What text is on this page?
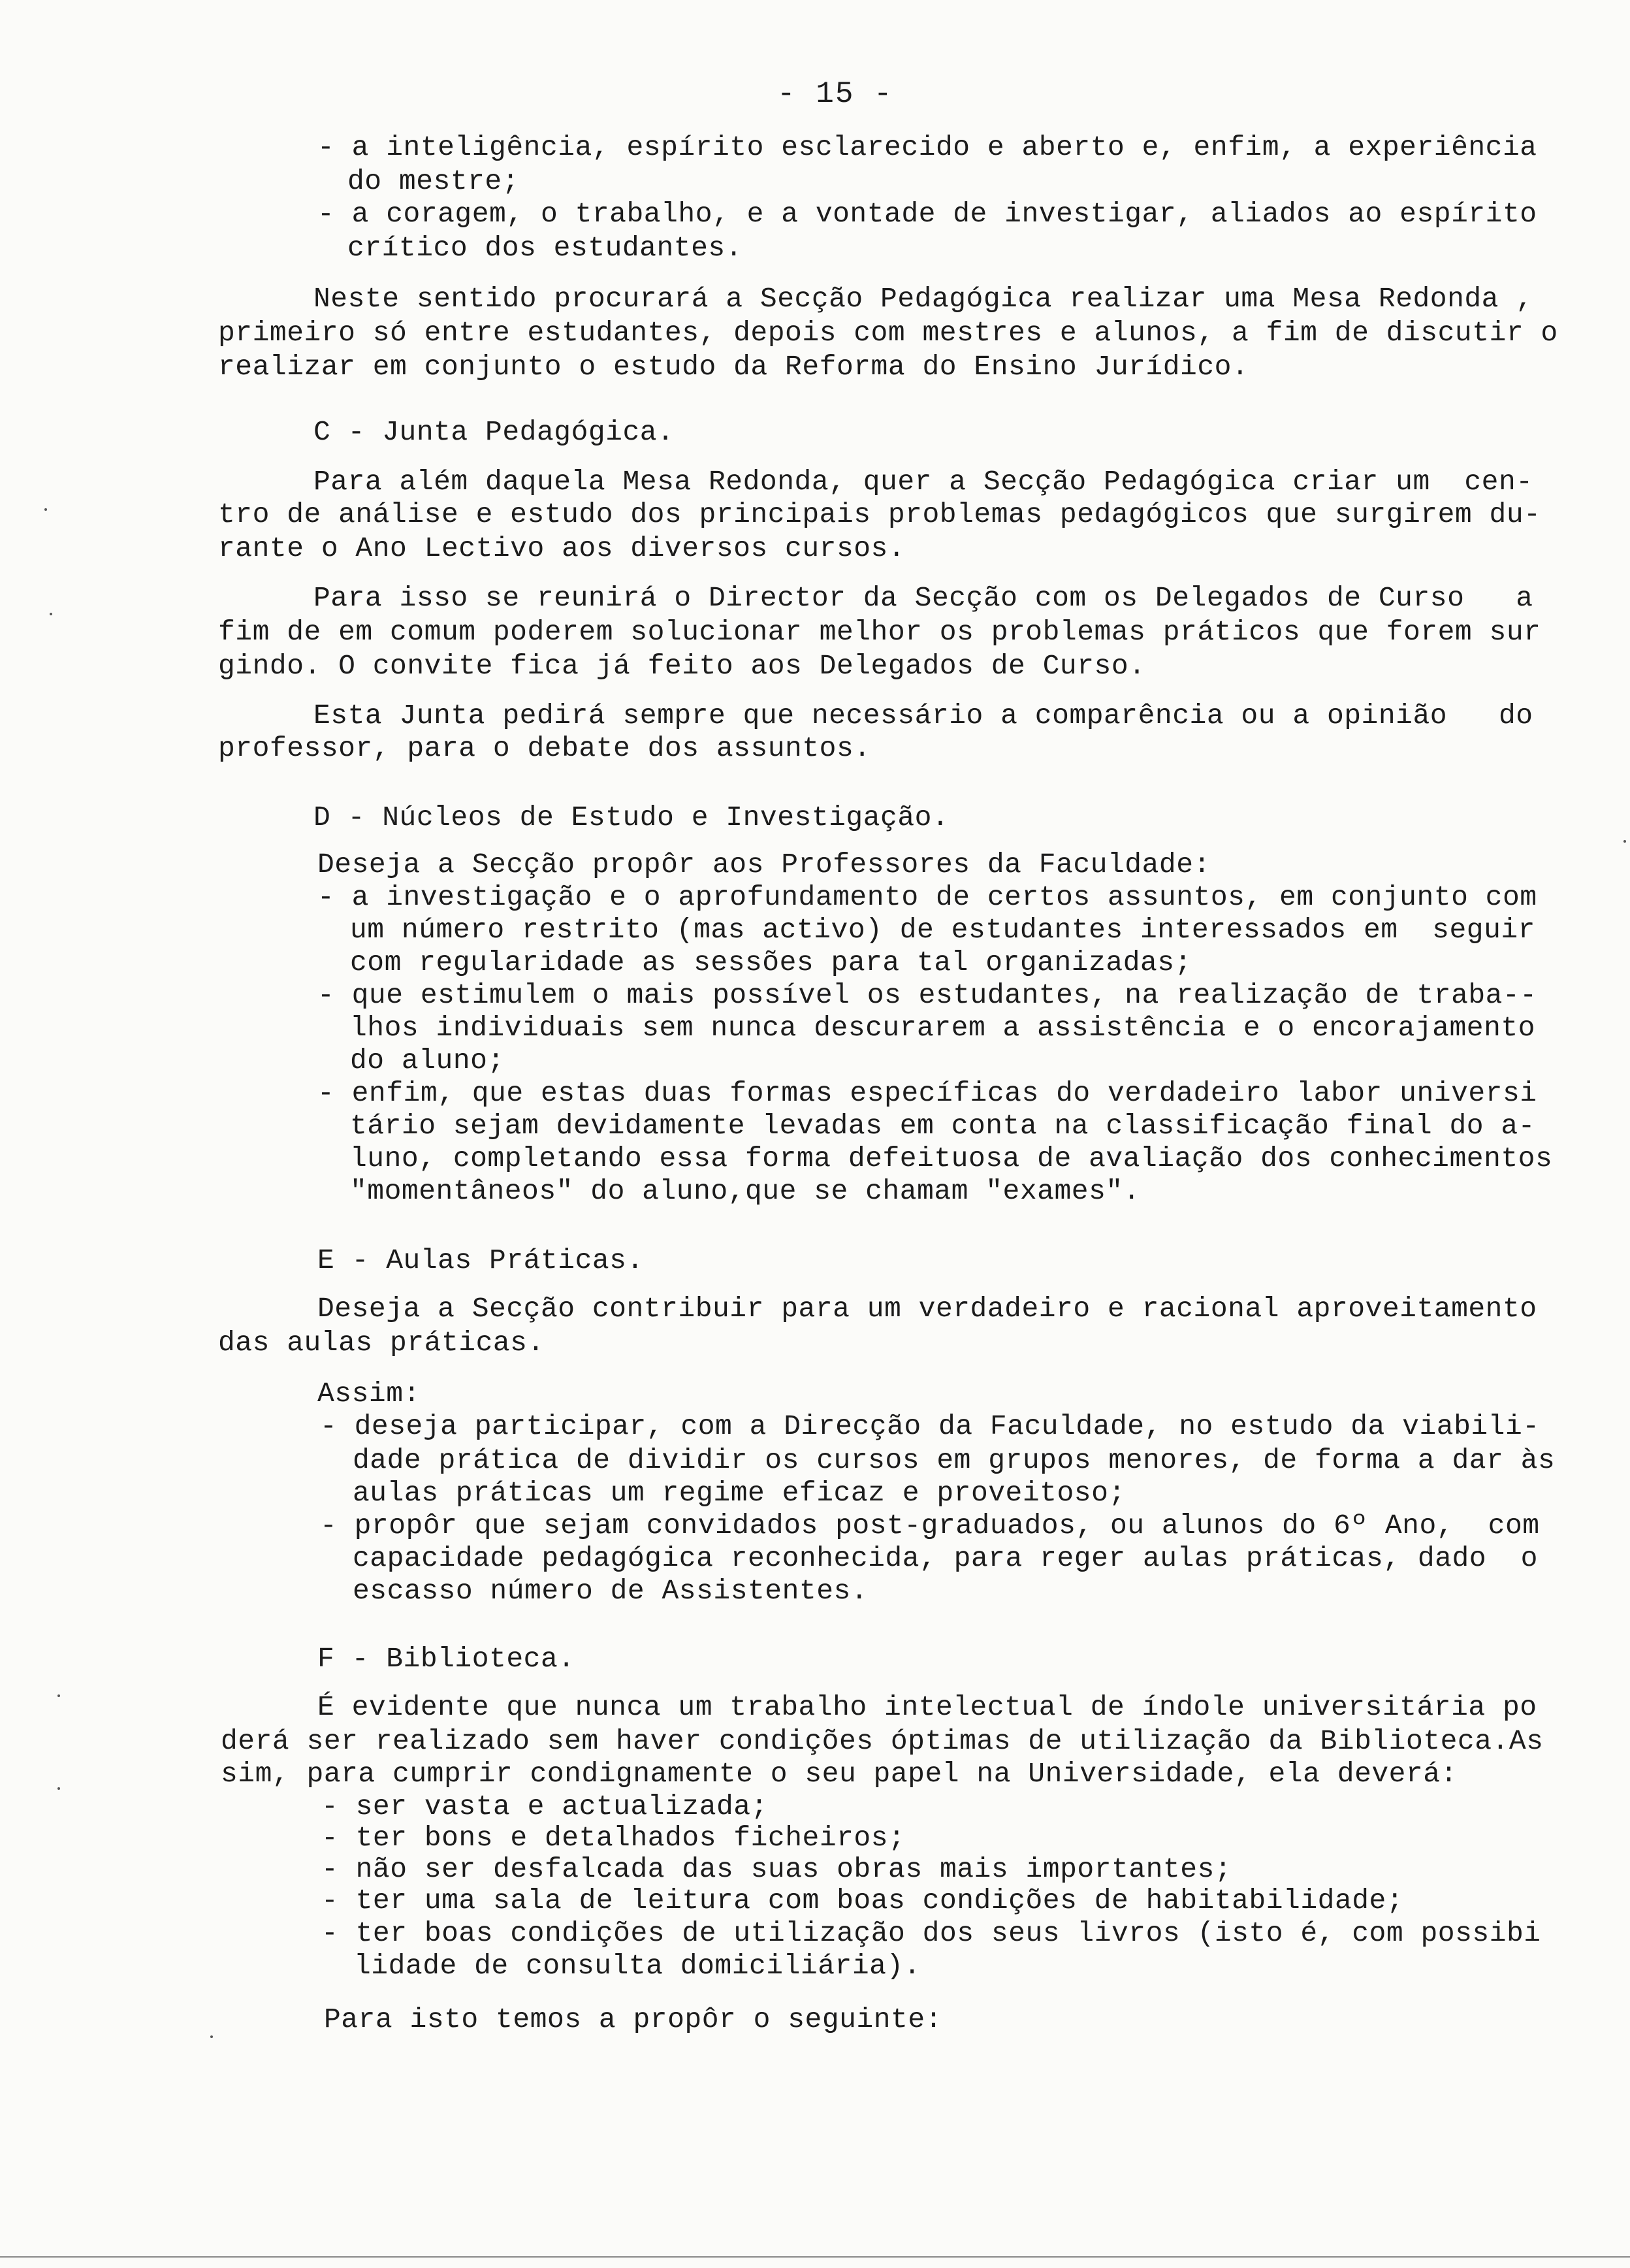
- 15 -
- a inteligência, espírito esclarecido e aberto e, enfim, a experiência
do mestre;
- a coragem, o trabalho, e a vontade de investigar, aliados ao espírito
crítico dos estudantes.
Neste sentido procurará a Secção Pedagógica realizar uma Mesa Redonda ,
primeiro só entre estudantes, depois com mestres e alunos, a fim de discutir o
realizar em conjunto o estudo da Reforma do Ensino Jurídico.
C - Junta Pedagógica.
Para além daquela Mesa Redonda, quer a Secção Pedagógica criar um  cen-
tro de análise e estudo dos principais problemas pedagógicos que surgirem du-
rante o Ano Lectivo aos diversos cursos.
Para isso se reunirá o Director da Secção com os Delegados de Curso   a
fim de em comum poderem solucionar melhor os problemas práticos que forem sur
gindo. O convite fica já feito aos Delegados de Curso.
Esta Junta pedirá sempre que necessário a comparência ou a opinião   do
professor, para o debate dos assuntos.
D - Núcleos de Estudo e Investigação.
Deseja a Secção propôr aos Professores da Faculdade:
- a investigação e o aprofundamento de certos assuntos, em conjunto com
um número restrito (mas activo) de estudantes interessados em  seguir
com regularidade as sessões para tal organizadas;
- que estimulem o mais possível os estudantes, na realização de traba--
lhos individuais sem nunca descurarem a assistência e o encorajamento
do aluno;
- enfim, que estas duas formas específicas do verdadeiro labor universi
tário sejam devidamente levadas em conta na classificação final do a-
luno, completando essa forma defeituosa de avaliação dos conhecimentos
"momentâneos" do aluno,que se chamam "exames".
E - Aulas Práticas.
Deseja a Secção contribuir para um verdadeiro e racional aproveitamento
das aulas práticas.
Assim:
- deseja participar, com a Direcção da Faculdade, no estudo da viabili-
dade prática de dividir os cursos em grupos menores, de forma a dar às
aulas práticas um regime eficaz e proveitoso;
- propôr que sejam convidados post-graduados, ou alunos do 6º Ano,  com
capacidade pedagógica reconhecida, para reger aulas práticas, dado  o
escasso número de Assistentes.
F - Biblioteca.
É evidente que nunca um trabalho intelectual de índole universitária po
derá ser realizado sem haver condições óptimas de utilização da Biblioteca.As
sim, para cumprir condignamente o seu papel na Universidade, ela deverá:
- ser vasta e actualizada;
- ter bons e detalhados ficheiros;
- não ser desfalcada das suas obras mais importantes;
- ter uma sala de leitura com boas condições de habitabilidade;
- ter boas condições de utilização dos seus livros (isto é, com possibi
lidade de consulta domiciliária).
Para isto temos a propôr o seguinte:
